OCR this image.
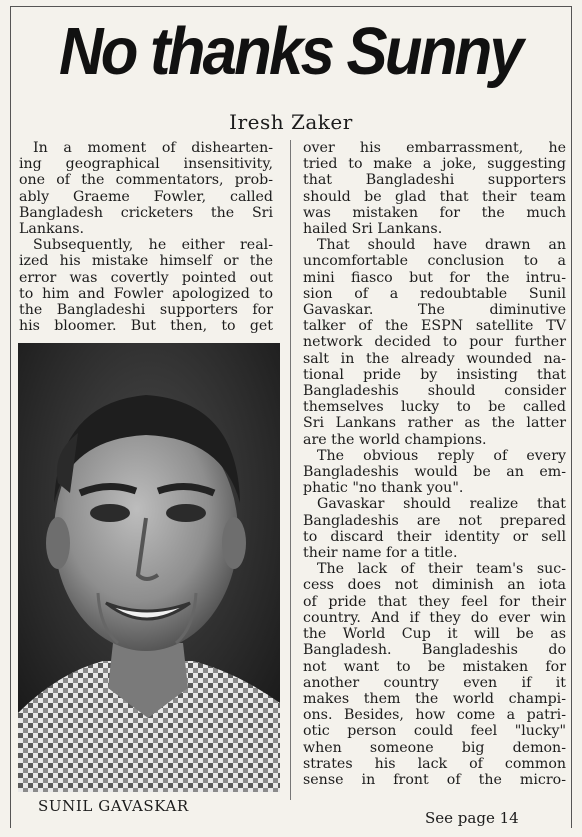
No thanks Sunny
Iresh Zaker
In a moment of dishearten-
ing geographical insensitivity,
one of the commentators, prob-
ably Graeme Fowler, called
Bangladesh cricketers the Sri
Lankans.
Subsequently, he either real-
ized his mistake himself or the
error was covertly pointed out
to him and Fowler apologized to
the Bangladeshi supporters for
his bloomer. But then, to get
over his embarrassment, he
tried to make a joke, suggesting
that Bangladeshi supporters
should be glad that their team
was mistaken for the much
hailed Sri Lankans.
That should have drawn an
uncomfortable conclusion to a
mini fiasco but for the intru-
sion of a redoubtable Sunil
Gavaskar. The diminutive
talker of the ESPN satellite TV
network decided to pour further
salt in the already wounded na-
tional pride by insisting that
Bangladeshis should consider
themselves lucky to be called
Sri Lankans rather as the latter
are the world champions.
The obvious reply of every
Bangladeshis would be an em-
phatic "no thank you".
Gavaskar should realize that
Bangladeshis are not prepared
to discard their identity or sell
their name for a title.
The lack of their team's suc-
cess does not diminish an iota
of pride that they feel for their
country. And if they do ever win
the World Cup it will be as
Bangladesh. Bangladeshis do
not want to be mistaken for
another country even if it
makes them the world champi-
ons. Besides, how come a patri-
otic person could feel "lucky"
when someone big demon-
strates his lack of common
sense in front of the micro-
SUNIL GAVASKAR
See page 14
